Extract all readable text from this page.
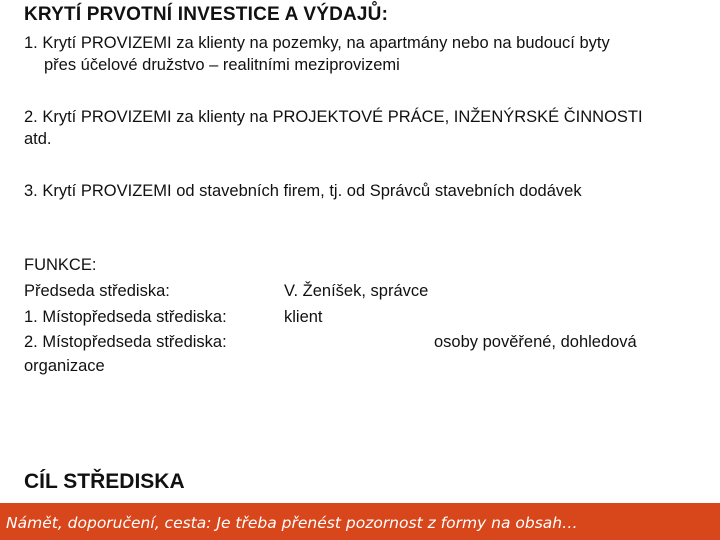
KRYTÍ PRVOTNÍ INVESTICE A VÝDAJŮ:
1. Krytí PROVIZEMI za klienty na pozemky, na apartmány nebo na budoucí byty
přes účelové družstvo – realitními meziprovizemi
2. Krytí PROVIZEMI za klienty na PROJEKTOVÉ PRÁCE, INŽENÝRSKÉ ČINNOSTI
atd.
3. Krytí PROVIZEMI od stavebních firem, tj. od Správců stavebních dodávek
FUNKCE:
Předseda střediska:	V. Ženíšek, správce
1. Místopředseda střediska:	klient
2. Místopředseda střediska:	osoby pověřené, dohledová
organizace
CÍL STŘEDISKA
Námět, doporučení, cesta: Je třeba přenést pozornost z formy na obsah…
